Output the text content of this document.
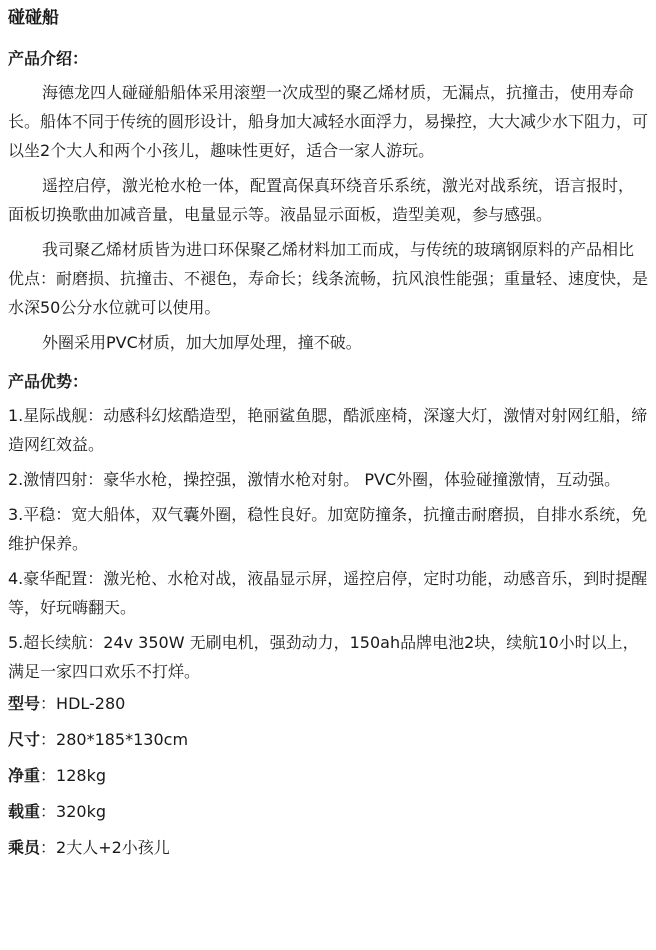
碰碰船
产品介绍：

海德龙四人碰碰船船体采用滚塑一次成型的聚乙烯材质，无漏点，抗撞击，使用寿命长。船体不同于传统的圆形设计，船身加大减轻水面浮力，易操控，大大减少水下阻力，可以坐2个大人和两个小孩儿，趣味性更好，适合一家人游玩。

遥控启停，激光枪水枪一体，配置高保真环绕音乐系统，激光对战系统，语言报时，面板切换歌曲加减音量，电量显示等。液晶显示面板，造型美观，参与感强。

我司聚乙烯材质皆为进口环保聚乙烯材料加工而成，与传统的玻璃钢原料的产品相比优点：耐磨损、抗撞击、不褪色，寿命长；线条流畅，抗风浪性能强；重量轻、速度快，是水深50公分水位就可以使用。

外圈采用PVC材质，加大加厚处理，撞不破。

产品优势：

1.星际战舰：动感科幻炫酷造型，艳丽鲨鱼腮，酷派座椅，深邃大灯，激情对射网红船，缔造网红效益。

2.激情四射：豪华水枪，操控强，激情水枪对射。 PVC外圈，体验碰撞激情，互动强。

3.平稳：宽大船体，双气囊外圈，稳性良好。加宽防撞条，抗撞击耐磨损，自排水系统，免维护保养。

4.豪华配置：激光枪、水枪对战，液晶显示屏，遥控启停，定时功能，动感音乐，到时提醒等，好玩嗨翻天。

5.超长续航：24v 350W 无刷电机，强劲动力，150ah品牌电池2块，续航10小时以上，满足一家四口欢乐不打烊。

型号：HDL-280
尺寸：280*185*130cm
净重：128kg
载重：320kg
乘员：2大人+2小孩儿
